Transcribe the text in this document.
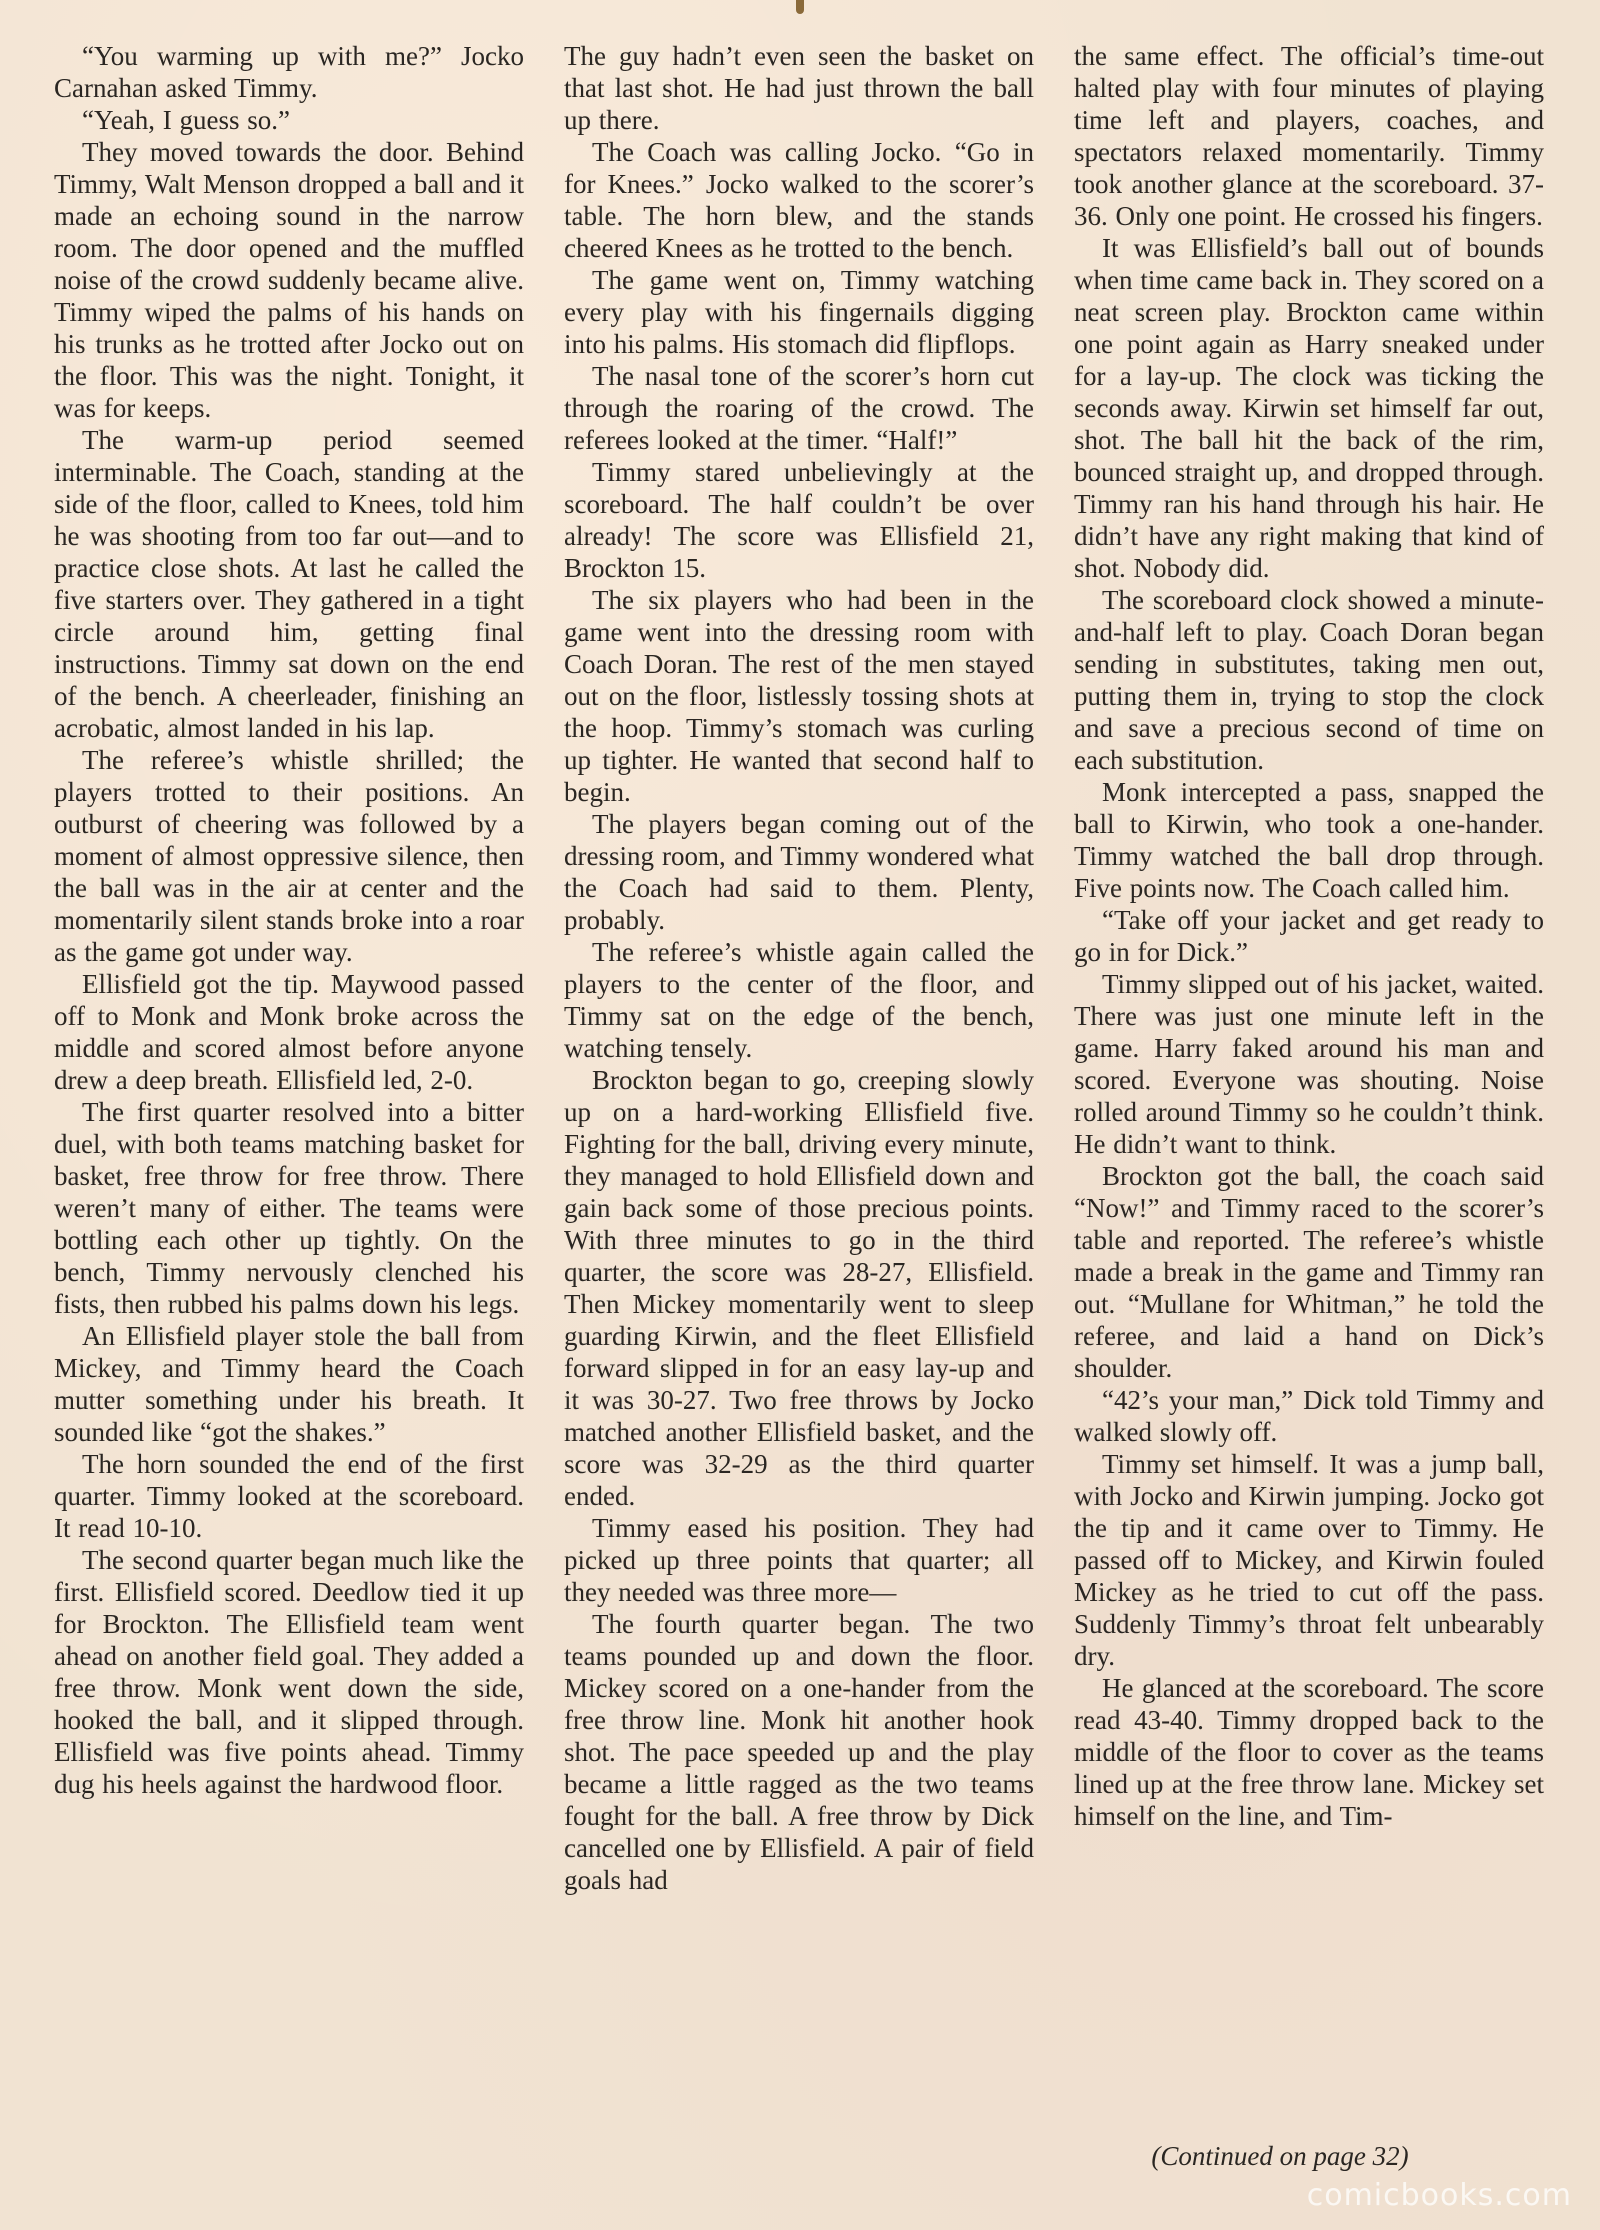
“You warming up with me?” Jocko Carnahan asked Timmy.

“Yeah, I guess so.”

They moved towards the door. Behind Timmy, Walt Menson dropped a ball and it made an echoing sound in the narrow room. The door opened and the muffled noise of the crowd suddenly became alive. Timmy wiped the palms of his hands on his trunks as he trotted after Jocko out on the floor. This was the night. Tonight, it was for keeps.

The warm-up period seemed interminable. The Coach, standing at the side of the floor, called to Knees, told him he was shooting from too far out—and to practice close shots. At last he called the five starters over. They gathered in a tight circle around him, getting final instructions. Timmy sat down on the end of the bench. A cheerleader, finishing an acrobatic, almost landed in his lap.

The referee’s whistle shrilled; the players trotted to their positions. An outburst of cheering was followed by a moment of almost oppressive silence, then the ball was in the air at center and the momentarily silent stands broke into a roar as the game got under way.

Ellisfield got the tip. Maywood passed off to Monk and Monk broke across the middle and scored almost before anyone drew a deep breath. Ellisfield led, 2-0.

The first quarter resolved into a bitter duel, with both teams matching basket for basket, free throw for free throw. There weren’t many of either. The teams were bottling each other up tightly. On the bench, Timmy nervously clenched his fists, then rubbed his palms down his legs.

An Ellisfield player stole the ball from Mickey, and Timmy heard the Coach mutter something under his breath. It sounded like “got the shakes.”

The horn sounded the end of the first quarter. Timmy looked at the scoreboard. It read 10-10.

The second quarter began much like the first. Ellisfield scored. Deedlow tied it up for Brockton. The Ellisfield team went ahead on another field goal. They added a free throw. Monk went down the side, hooked the ball, and it slipped through. Ellisfield was five points ahead. Timmy dug his heels against the hardwood floor.

The guy hadn’t even seen the basket on that last shot. He had just thrown the ball up there.

The Coach was calling Jocko. “Go in for Knees.” Jocko walked to the scorer’s table. The horn blew, and the stands cheered Knees as he trotted to the bench.

The game went on, Timmy watching every play with his fingernails digging into his palms. His stomach did flipflops.

The nasal tone of the scorer’s horn cut through the roaring of the crowd. The referees looked at the timer. “Half!”

Timmy stared unbelievingly at the scoreboard. The half couldn’t be over already! The score was Ellisfield 21, Brockton 15.

The six players who had been in the game went into the dressing room with Coach Doran. The rest of the men stayed out on the floor, listlessly tossing shots at the hoop. Timmy’s stomach was curling up tighter. He wanted that second half to begin.

The players began coming out of the dressing room, and Timmy wondered what the Coach had said to them. Plenty, probably.

The referee’s whistle again called the players to the center of the floor, and Timmy sat on the edge of the bench, watching tensely.

Brockton began to go, creeping slowly up on a hard-working Ellisfield five. Fighting for the ball, driving every minute, they managed to hold Ellisfield down and gain back some of those precious points. With three minutes to go in the third quarter, the score was 28-27, Ellisfield. Then Mickey momentarily went to sleep guarding Kirwin, and the fleet Ellisfield forward slipped in for an easy lay-up and it was 30-27. Two free throws by Jocko matched another Ellisfield basket, and the score was 32-29 as the third quarter ended.

Timmy eased his position. They had picked up three points that quarter; all they needed was three more—

The fourth quarter began. The two teams pounded up and down the floor. Mickey scored on a one-hander from the free throw line. Monk hit another hook shot. The pace speeded up and the play became a little ragged as the two teams fought for the ball. A free throw by Dick cancelled one by Ellisfield. A pair of field goals had

the same effect. The official’s time-out halted play with four minutes of playing time left and players, coaches, and spectators relaxed momentarily. Timmy took another glance at the scoreboard. 37-36. Only one point. He crossed his fingers.

It was Ellisfield’s ball out of bounds when time came back in. They scored on a neat screen play. Brockton came within one point again as Harry sneaked under for a lay-up. The clock was ticking the seconds away. Kirwin set himself far out, shot. The ball hit the back of the rim, bounced straight up, and dropped through. Timmy ran his hand through his hair. He didn’t have any right making that kind of shot. Nobody did.

The scoreboard clock showed a minute-and-half left to play. Coach Doran began sending in substitutes, taking men out, putting them in, trying to stop the clock and save a precious second of time on each substitution.

Monk intercepted a pass, snapped the ball to Kirwin, who took a one-hander. Timmy watched the ball drop through. Five points now. The Coach called him.

“Take off your jacket and get ready to go in for Dick.”

Timmy slipped out of his jacket, waited. There was just one minute left in the game. Harry faked around his man and scored. Everyone was shouting. Noise rolled around Timmy so he couldn’t think. He didn’t want to think.

Brockton got the ball, the coach said “Now!” and Timmy raced to the scorer’s table and reported. The referee’s whistle made a break in the game and Timmy ran out. “Mullane for Whitman,” he told the referee, and laid a hand on Dick’s shoulder.

“42’s your man,” Dick told Timmy and walked slowly off.

Timmy set himself. It was a jump ball, with Jocko and Kirwin jumping. Jocko got the tip and it came over to Timmy. He passed off to Mickey, and Kirwin fouled Mickey as he tried to cut off the pass. Suddenly Timmy’s throat felt unbearably dry.

He glanced at the scoreboard. The score read 43-40. Timmy dropped back to the middle of the floor to cover as the teams lined up at the free throw lane. Mickey set himself on the line, and Tim-

(Continued on page 32)
comicbooks.com
